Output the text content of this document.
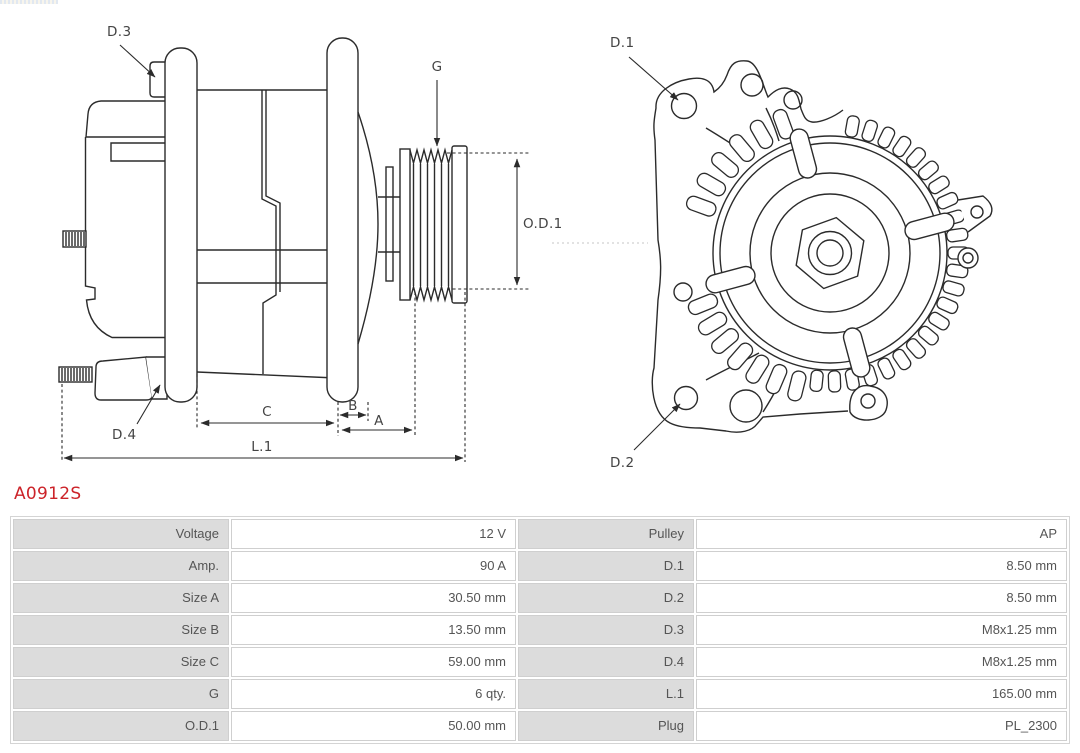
D.3
G
O.D.1
D.4
C	B
A
L.1
D.1
D.2
A0912S
Voltage	12 V	Pulley	AP
Amp.	90 A	D.1	8.50 mm
Size A	30.50 mm	D.2	8.50 mm
Size B	13.50 mm	D.3	M8x1.25 mm
Size C	59.00 mm	D.4	M8x1.25 mm
G	6 qty.	L.1	165.00 mm
O.D.1	50.00 mm	Plug	PL_2300
